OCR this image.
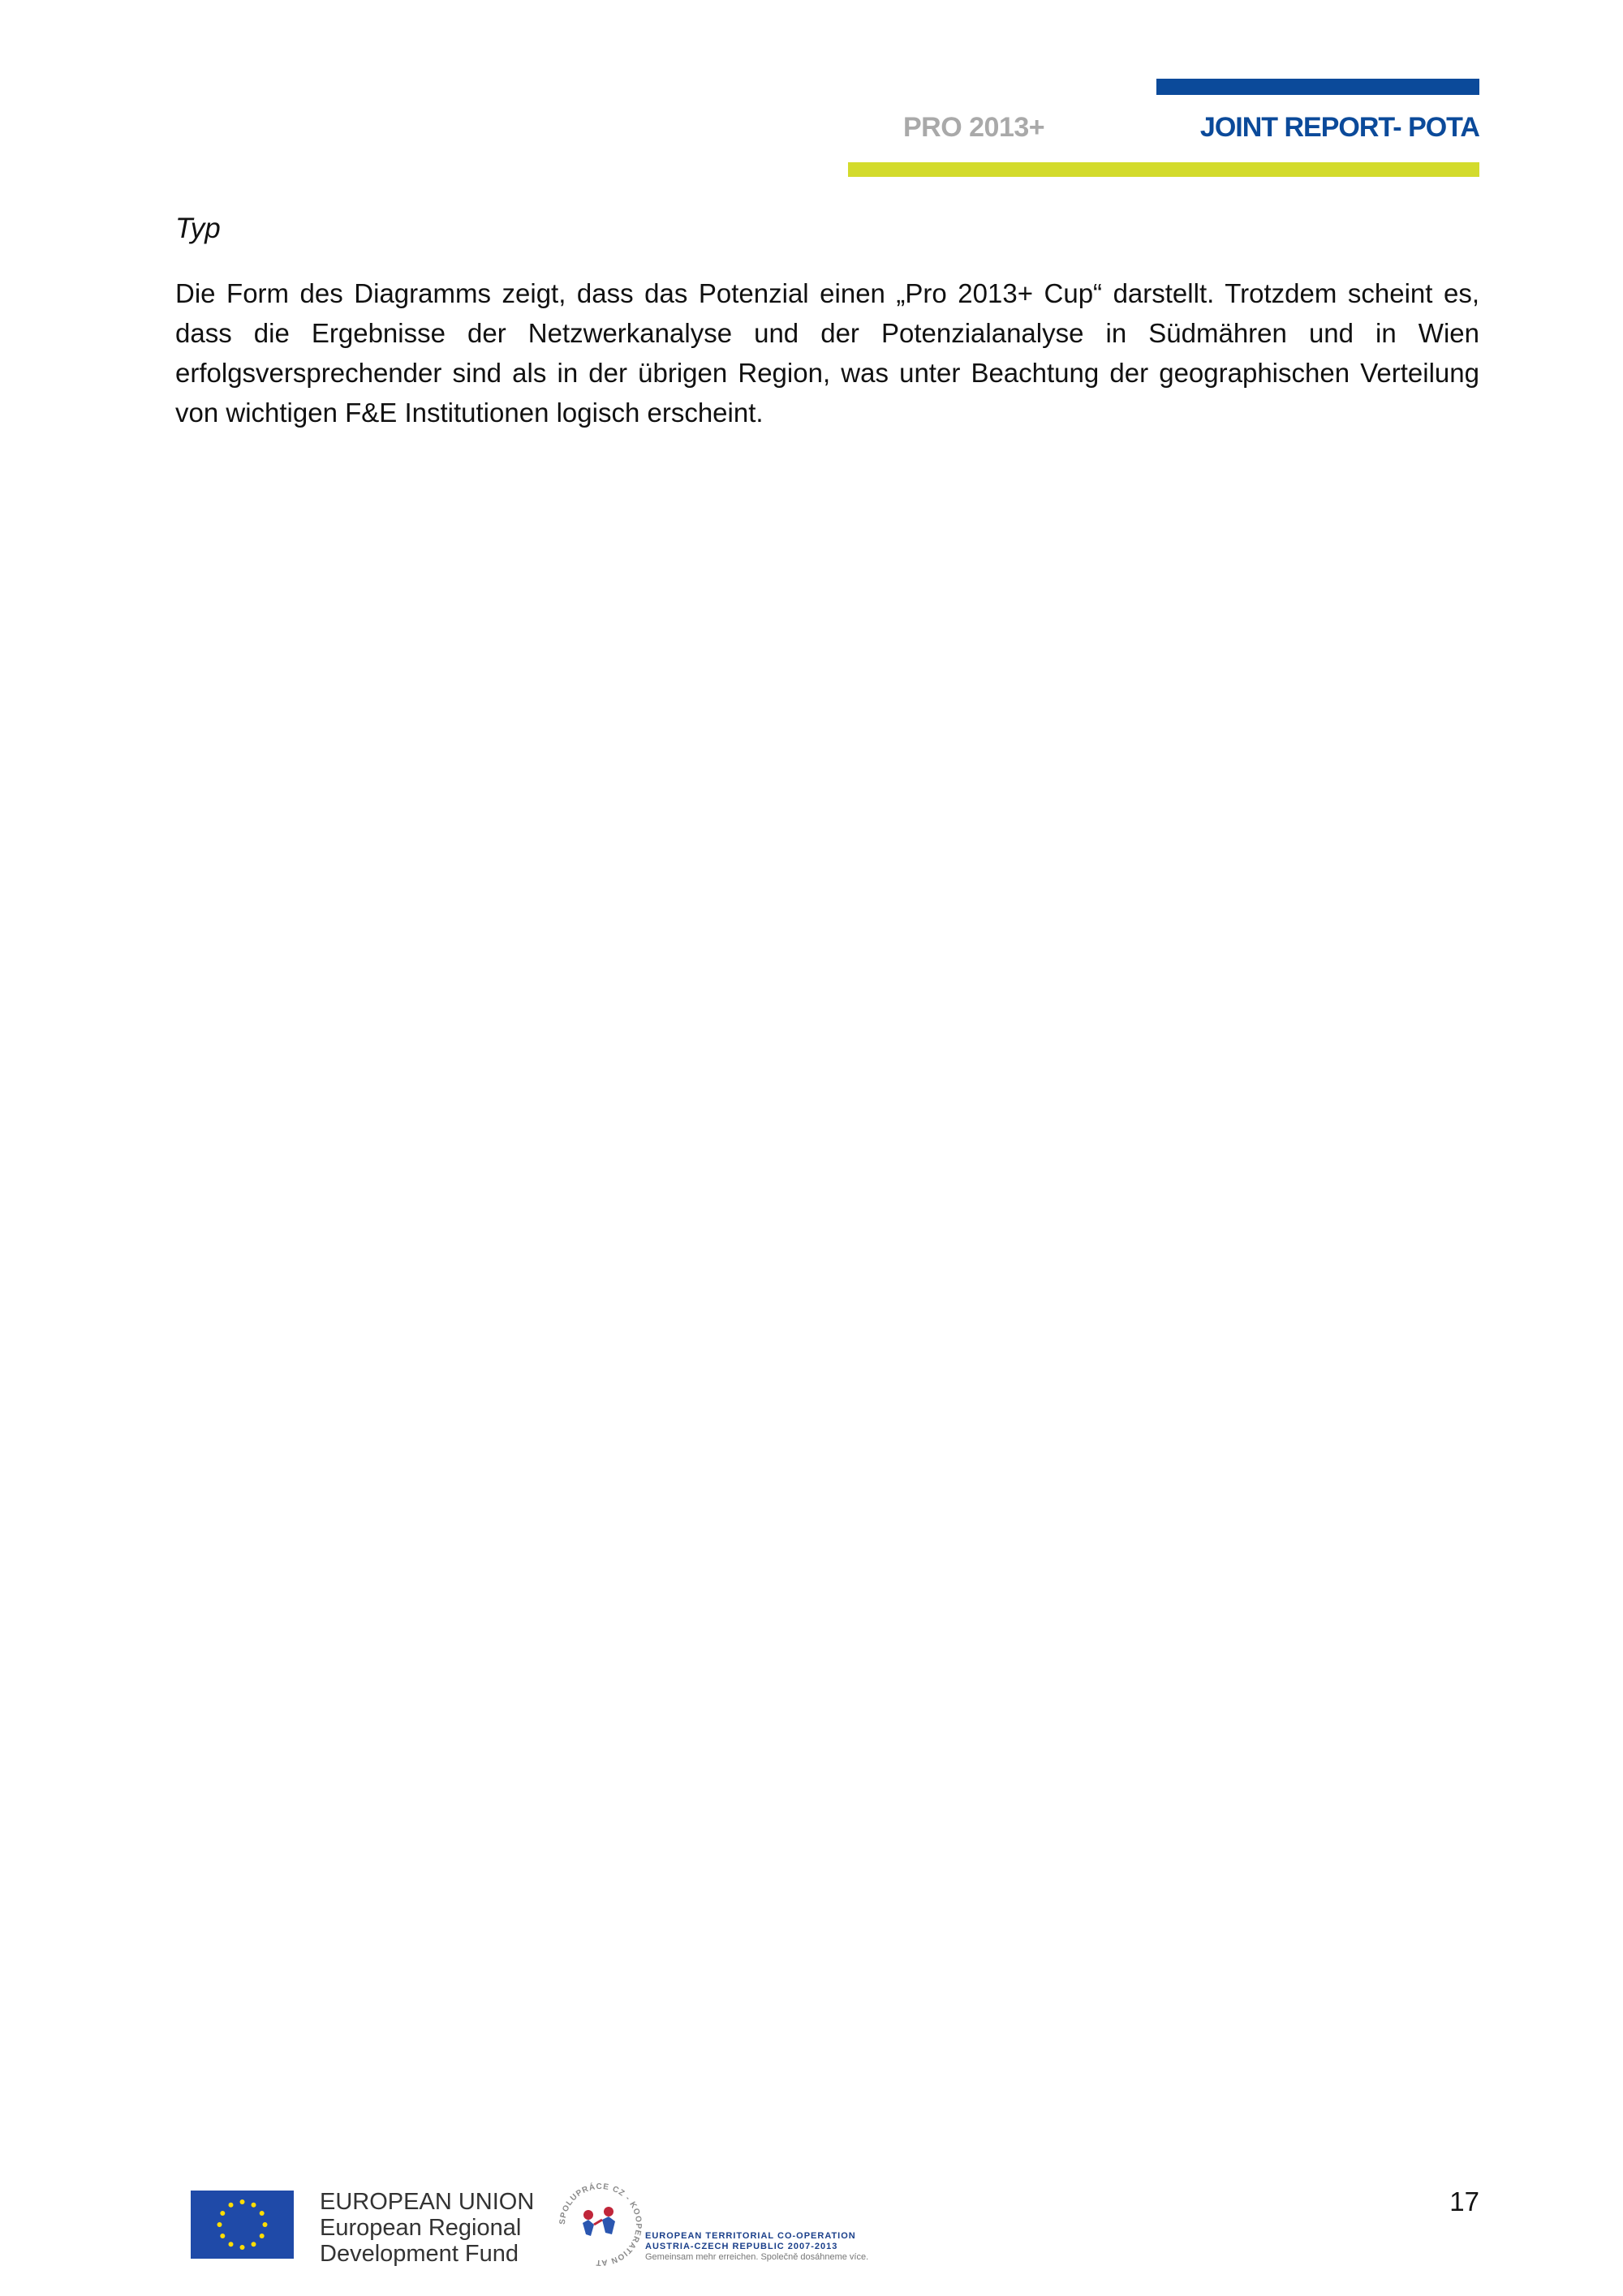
PRO 2013+	JOINT REPORT- POTA
Typ

Die Form des Diagramms zeigt, dass das Potenzial einen „Pro 2013+ Cup“ darstellt. Trotzdem scheint es, dass die Ergebnisse der Netzwerkanalyse und der Potenzialanalyse in Südmähren und in Wien erfolgsversprechender sind als in der übrigen Region, was unter Beachtung der geographischen Verteilung von wichtigen F&E Institutionen logisch erscheint.

EUROPEAN UNION
European Regional
Development Fund
SPOLUPRÁCE CZ - KOOPERATION AT
EUROPEAN TERRITORIAL CO-OPERATION
AUSTRIA-CZECH REPUBLIC 2007-2013
Gemeinsam mehr erreichen. Společně dosáhneme více.
17
